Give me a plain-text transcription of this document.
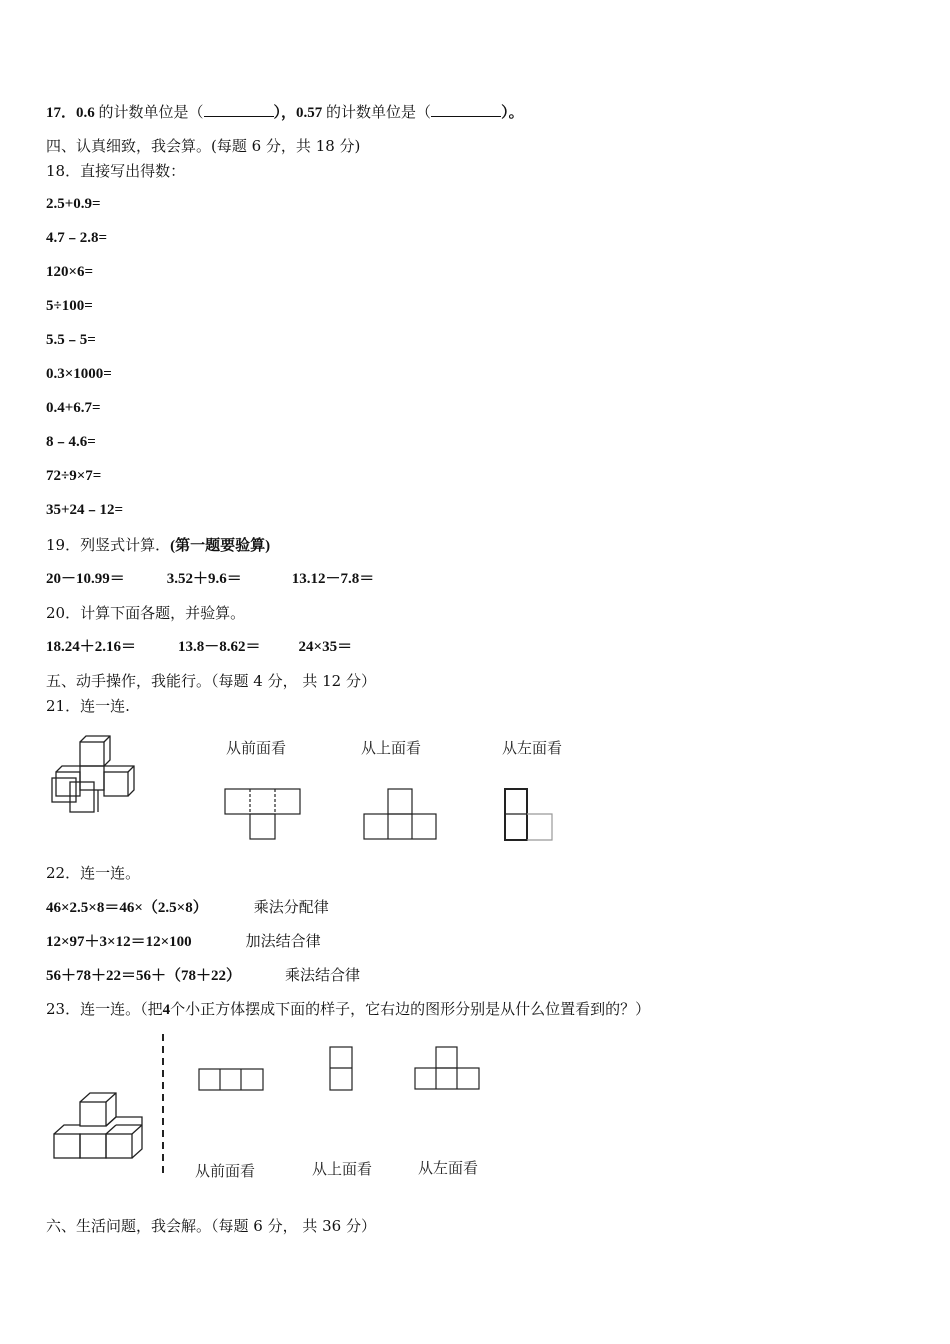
17．0.6 的计数单位是（	），0.57 的计数单位是（	）。
四、认真细致，我会算。(每题 6 分，共 18 分)
18．直接写出得数：
2.5+0.9=
4.7﹣2.8=
120×6=
5÷100=
5.5﹣5=
0.3×1000=
0.4+6.7=
8﹣4.6=
72÷9×7=
35+24﹣12=
19．列竖式计算．(第一题要验算)
20－10.99＝	3.52＋9.6＝	13.12－7.8＝
20．计算下面各题，并验算。
18.24＋2.16＝	13.8－8.62＝	24×35＝
五、动手操作，我能行。（每题 4 分， 共 12 分）
21．连一连.
从前面看	从上面看	从左面看
22．连一连。
46×2.5×8＝46×（2.5×8）	乘法分配律
12×97＋3×12＝12×100	加法结合律
56＋78＋22＝56＋（78＋22）	乘法结合律
23．连一连。（把4个小正方体摆成下面的样子，它右边的图形分别是从什么位置看到的？）
从前面看	从上面看	从左面看
六、生活问题，我会解。（每题 6 分， 共 36 分）
